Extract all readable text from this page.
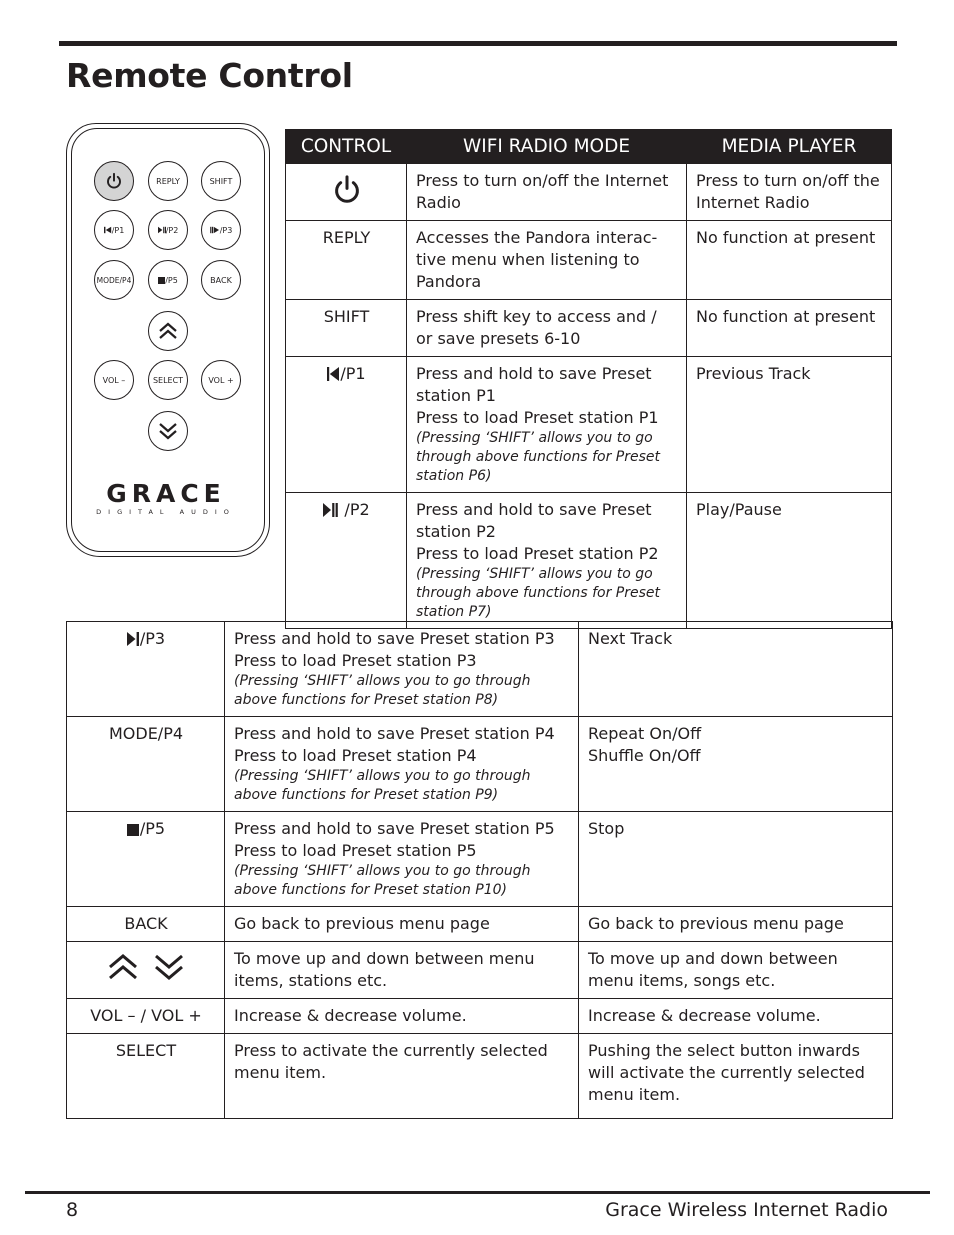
Remote Control
REPLY	SHIFT
/P1	/P2	/P3
MODE/P4	/P5	BACK
VOL –	SELECT	VOL +
GRACE
DIGITAL AUDIO
CONTROL	WIFI RADIO MODE	MEDIA PLAYER
	Press to turn on/off the Internet Radio	Press to turn on/off the Internet Radio
REPLY	Accesses the Pandora interac-tive menu when listening to Pandora	No function at present
SHIFT	Press shift key to access and / or save presets 6-10	No function at present
/P1	Press and hold to save Preset station P1
Press to load Preset station P1
(Pressing ‘SHIFT’ allows you to go through above functions for Preset station P6)	Previous Track
/P2	Press and hold to save Preset station P2
Press to load Preset station P2
(Pressing ‘SHIFT’ allows you to go through above functions for Preset station P7)	Play/Pause
/P3	Press and hold to save Preset station P3
Press to load Preset station P3
(Pressing ‘SHIFT’ allows you to go through above functions for Preset station P8)	Next Track
MODE/P4	Press and hold to save Preset station P4
Press to load Preset station P4
(Pressing ‘SHIFT’ allows you to go through above functions for Preset station P9)	Repeat On/Off
Shuffle On/Off
/P5	Press and hold to save Preset station P5
Press to load Preset station P5
(Pressing ‘SHIFT’ allows you to go through above functions for Preset station P10)	Stop
BACK	Go back to previous menu page	Go back to previous menu page
	To move up and down between menu items, stations etc.	To move up and down between menu items, songs etc.
VOL – / VOL +	Increase & decrease volume.	Increase & decrease volume.
SELECT	Press to activate the currently selected menu item.	Pushing the select button inwards will activate the currently selected menu item.
8	Grace Wireless Internet Radio
